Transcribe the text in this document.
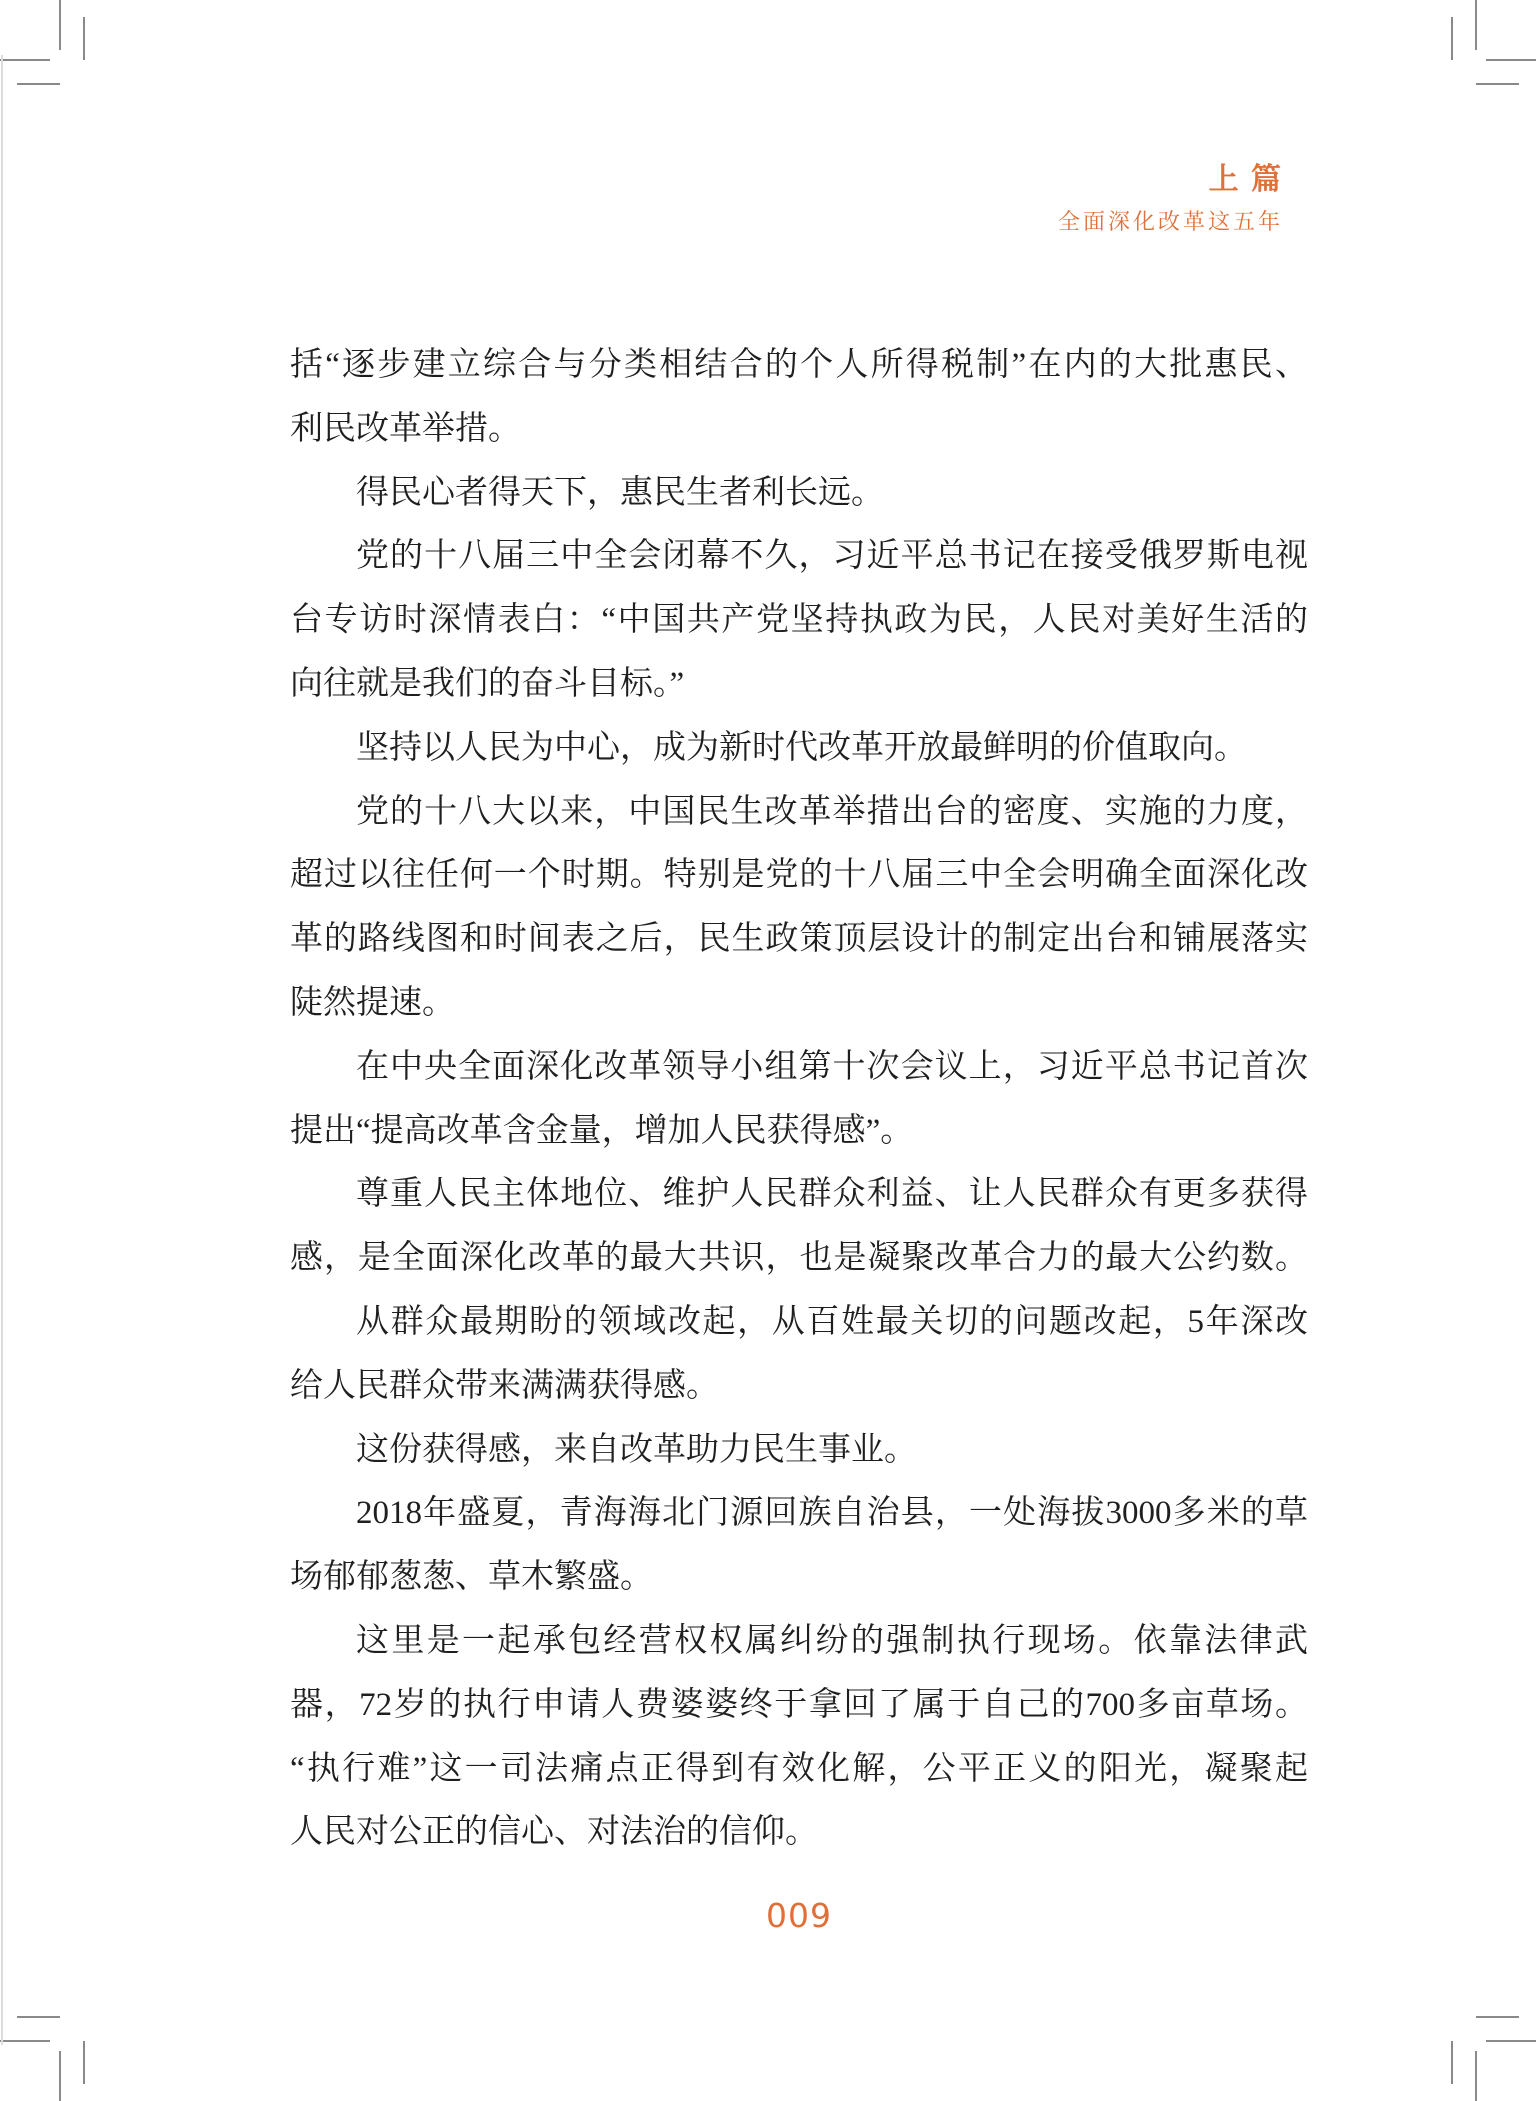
上 篇
全面深化改革这五年
括“逐步建立综合与分类相结合的个人所得税制”在内的大批惠民、
利民改革举措。
得民心者得天下，惠民生者利长远。
党的十八届三中全会闭幕不久，习近平总书记在接受俄罗斯电视
台专访时深情表白：“中国共产党坚持执政为民，人民对美好生活的
向往就是我们的奋斗目标。”
坚持以人民为中心，成为新时代改革开放最鲜明的价值取向。
党的十八大以来，中国民生改革举措出台的密度、实施的力度，
超过以往任何一个时期。特别是党的十八届三中全会明确全面深化改
革的路线图和时间表之后，民生政策顶层设计的制定出台和铺展落实
陡然提速。
在中央全面深化改革领导小组第十次会议上，习近平总书记首次
提出“提高改革含金量，增加人民获得感”。
尊重人民主体地位、维护人民群众利益、让人民群众有更多获得
感，是全面深化改革的最大共识，也是凝聚改革合力的最大公约数。
从群众最期盼的领域改起，从百姓最关切的问题改起，5年深改
给人民群众带来满满获得感。
这份获得感，来自改革助力民生事业。
2018年盛夏，青海海北门源回族自治县，一处海拔3000多米的草
场郁郁葱葱、草木繁盛。
这里是一起承包经营权权属纠纷的强制执行现场。依靠法律武
器，72岁的执行申请人费婆婆终于拿回了属于自己的700多亩草场。
“执行难”这一司法痛点正得到有效化解，公平正义的阳光，凝聚起
人民对公正的信心、对法治的信仰。
009
